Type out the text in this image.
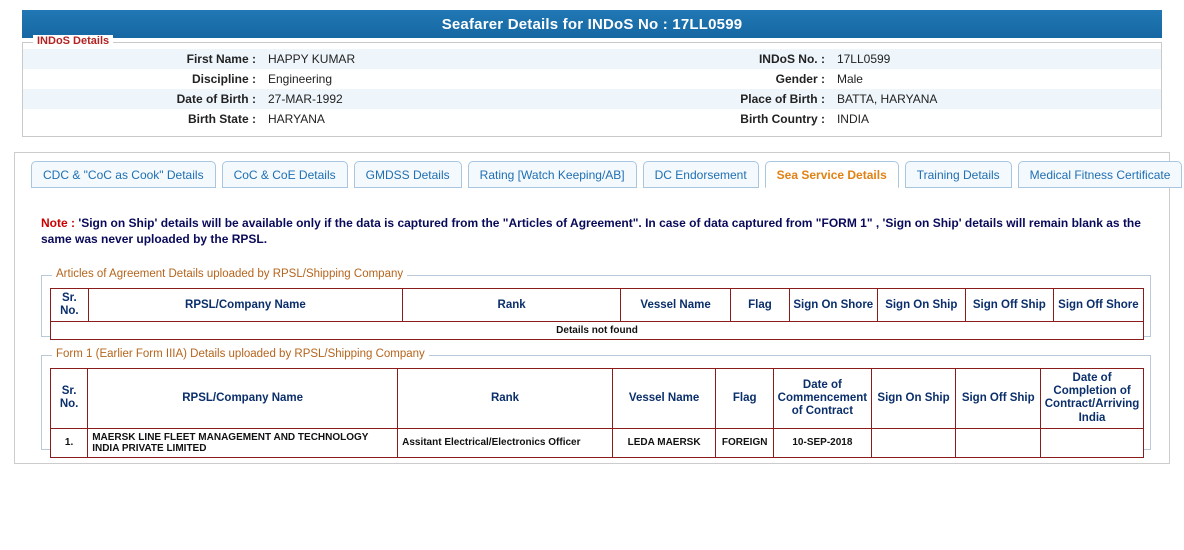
Seafarer Details for INDoS No : 17LL0599
INDoS Details
First Name :	HAPPY KUMAR	INDoS No. :	17LL0599
Discipline :	Engineering	Gender :	Male
Date of Birth :	27-MAR-1992	Place of Birth :	BATTA, HARYANA
Birth State :	HARYANA	Birth Country :	INDIA
CDC & "CoC as Cook" Details	CoC & CoE Details	GMDSS Details	Rating [Watch Keeping/AB]	DC Endorsement	Sea Service Details	Training Details	Medical Fitness Certificate
Note : 'Sign on Ship' details will be available only if the data is captured from the "Articles of Agreement". In case of data captured from "FORM 1" , 'Sign on Ship' details will remain blank as the same was never uploaded by the RPSL.
Articles of Agreement Details uploaded by RPSL/Shipping Company
Sr. No.	RPSL/Company Name	Rank	Vessel Name	Flag	Sign On Shore	Sign On Ship	Sign Off Ship	Sign Off Shore
Details not found
Form 1 (Earlier Form IIIA) Details uploaded by RPSL/Shipping Company
Sr. No.	RPSL/Company Name	Rank	Vessel Name	Flag	Date of Commencement of Contract	Sign On Ship	Sign Off Ship	Date of Completion of Contract/Arriving India
1.	MAERSK LINE FLEET MANAGEMENT AND TECHNOLOGY INDIA PRIVATE LIMITED	Assitant Electrical/Electronics Officer	LEDA MAERSK	FOREIGN	10-SEP-2018			
